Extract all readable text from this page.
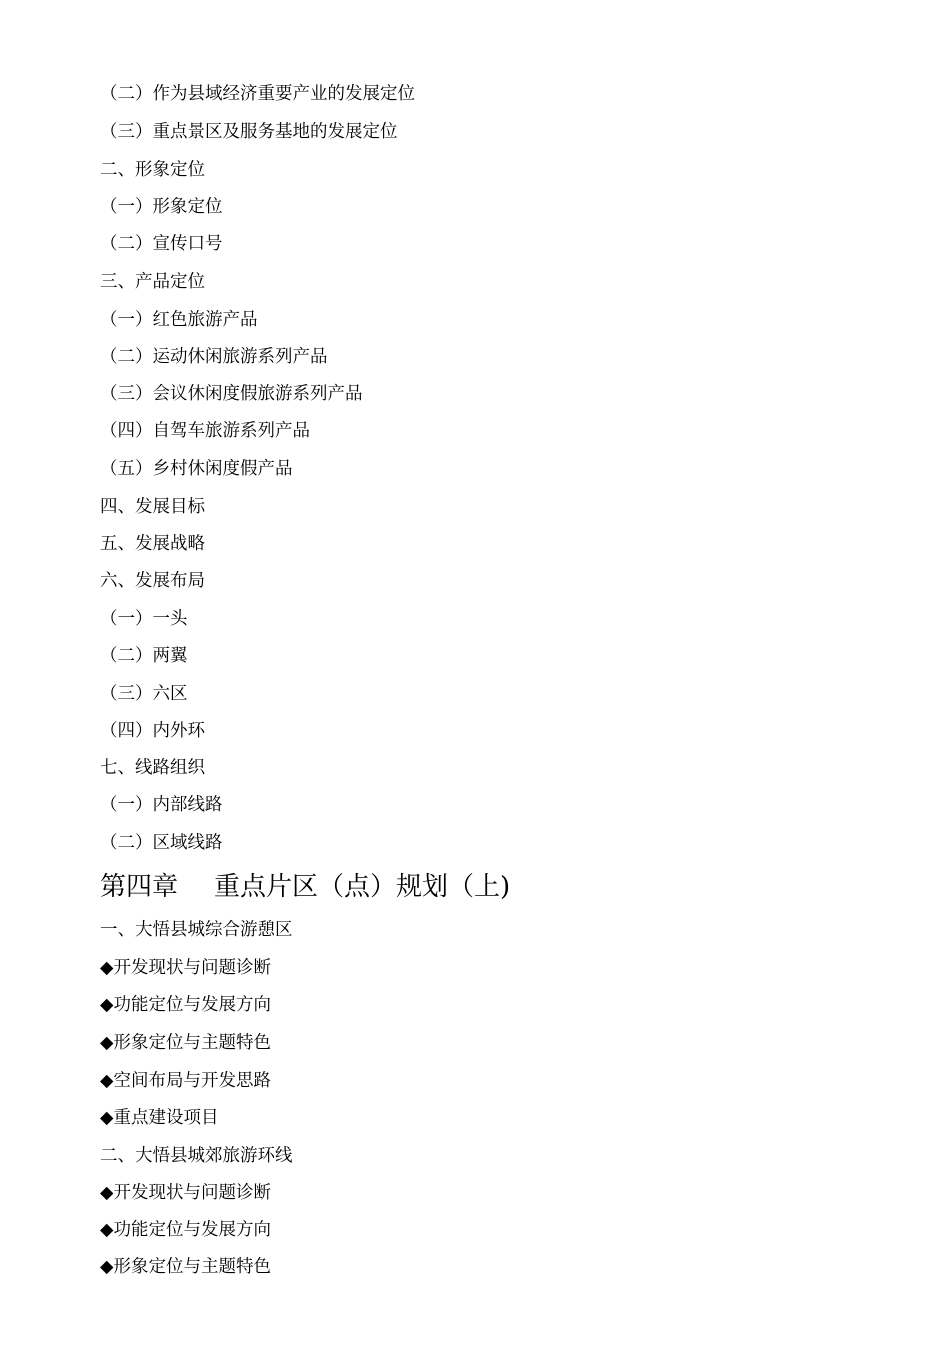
（二）作为县域经济重要产业的发展定位
（三）重点景区及服务基地的发展定位
二、形象定位
（一）形象定位
（二）宣传口号
三、产品定位
（一）红色旅游产品
（二）运动休闲旅游系列产品
（三）会议休闲度假旅游系列产品
（四）自驾车旅游系列产品
（五）乡村休闲度假产品
四、发展目标
五、发展战略
六、发展布局
（一）一头
（二）两翼
（三）六区
（四）内外环
七、线路组织
（一）内部线路
（二）区域线路
第四章 重点片区（点）规划（上)
一、大悟县城综合游憩区
◆开发现状与问题诊断
◆功能定位与发展方向
◆形象定位与主题特色
◆空间布局与开发思路
◆重点建设项目
二、大悟县城郊旅游环线
◆开发现状与问题诊断
◆功能定位与发展方向
◆形象定位与主题特色
